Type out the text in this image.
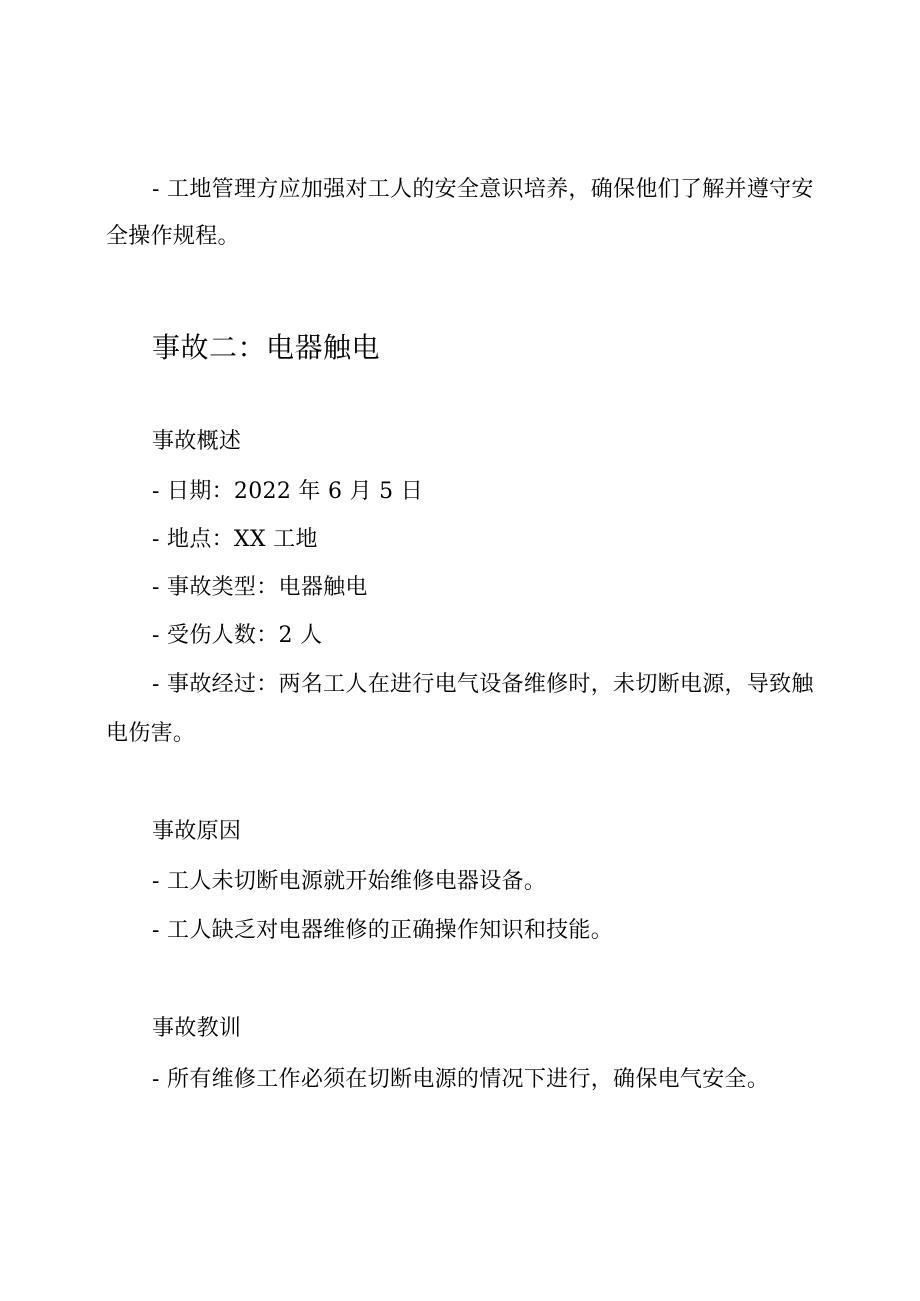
- 工地管理方应加强对工人的安全意识培养，确保他们了解并遵守安

全操作规程。

事故二：电器触电
事故概述

- 日期：2022 年 6 月 5 日

- 地点：XX 工地

- 事故类型：电器触电

- 受伤人数：2 人

- 事故经过：两名工人在进行电气设备维修时，未切断电源，导致触

电伤害。

事故原因

- 工人未切断电源就开始维修电器设备。

- 工人缺乏对电器维修的正确操作知识和技能。

事故教训

- 所有维修工作必须在切断电源的情况下进行，确保电气安全。
